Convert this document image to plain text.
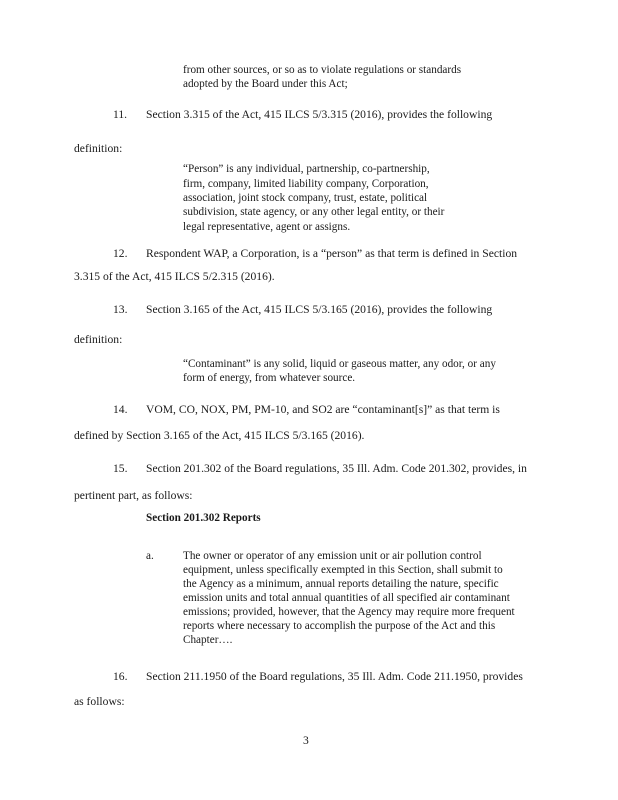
from other sources, or so as to violate regulations or standards
adopted by the Board under this Act;
11. Section 3.315 of the Act, 415 ILCS 5/3.315 (2016), provides the following
definition:
“Person” is any individual, partnership, co-partnership,
firm, company, limited liability company, Corporation,
association, joint stock company, trust, estate, political
subdivision, state agency, or any other legal entity, or their
legal representative, agent or assigns.
12. Respondent WAP, a Corporation, is a “person” as that term is defined in Section
3.315 of the Act, 415 ILCS 5/2.315 (2016).
13. Section 3.165 of the Act, 415 ILCS 5/3.165 (2016), provides the following
definition:
“Contaminant” is any solid, liquid or gaseous matter, any odor, or any
form of energy, from whatever source.
14. VOM, CO, NOX, PM, PM-10, and SO2 are “contaminant[s]” as that term is
defined by Section 3.165 of the Act, 415 ILCS 5/3.165 (2016).
15. Section 201.302 of the Board regulations, 35 Ill. Adm. Code 201.302, provides, in
pertinent part, as follows:
Section 201.302 Reports
a.	The owner or operator of any emission unit or air pollution control
equipment, unless specifically exempted in this Section, shall submit to
the Agency as a minimum, annual reports detailing the nature, specific
emission units and total annual quantities of all specified air contaminant
emissions; provided, however, that the Agency may require more frequent
reports where necessary to accomplish the purpose of the Act and this
Chapter….
16. Section 211.1950 of the Board regulations, 35 Ill. Adm. Code 211.1950, provides
as follows:
3
